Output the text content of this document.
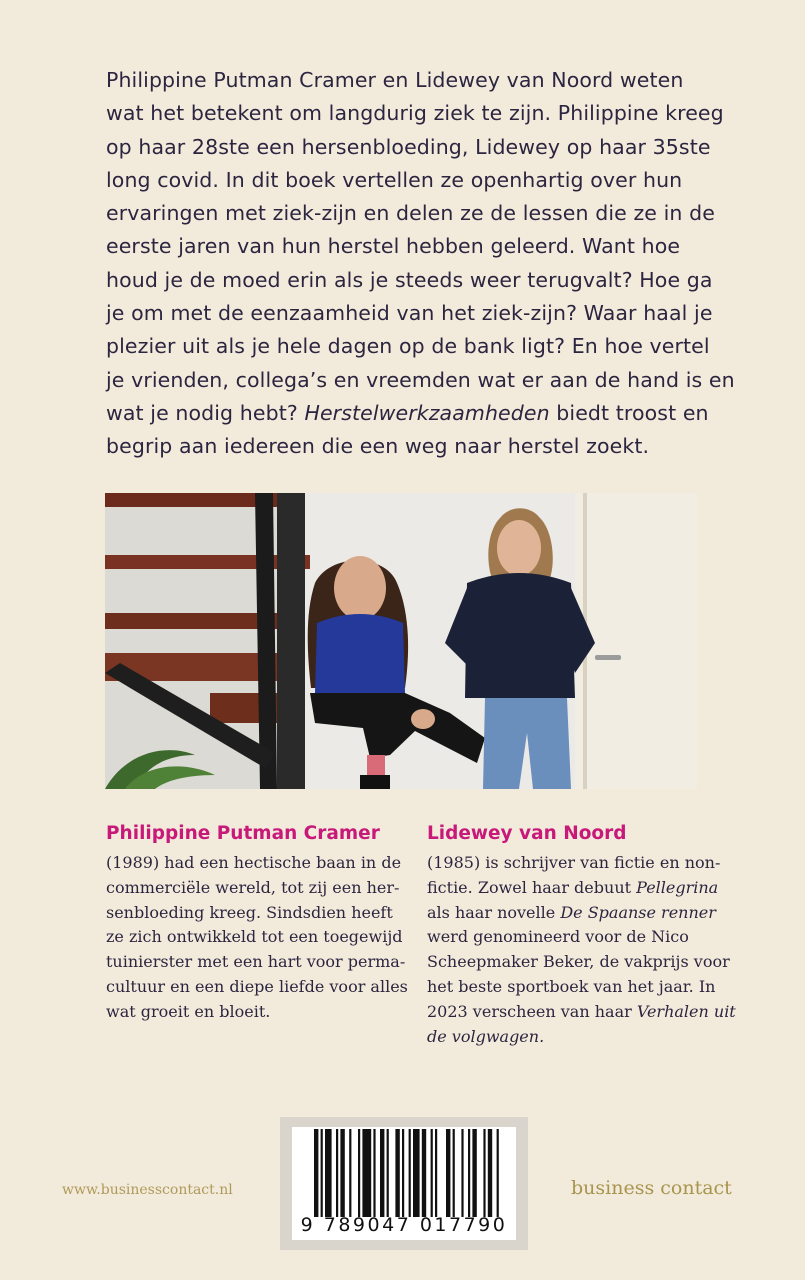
Philippine Putman Cramer en Lidewey van Noord weten
wat het betekent om langdurig ziek te zijn. Philippine kreeg
op haar 28ste een hersenbloeding, Lidewey op haar 35ste
long covid. In dit boek vertellen ze openhartig over hun
ervaringen met ziek-zijn en delen ze de lessen die ze in de
eerste jaren van hun herstel hebben geleerd. Want hoe
houd je de moed erin als je steeds weer terugvalt? Hoe ga
je om met de eenzaamheid van het ziek-zijn? Waar haal je
plezier uit als je hele dagen op de bank ligt? En hoe vertel
je vrienden, collega’s en vreemden wat er aan de hand is en
wat je nodig hebt? Herstelwerkzaamheden biedt troost en
begrip aan iedereen die een weg naar herstel zoekt.
Philippine Putman Cramer
(1989) had een hectische baan in de
commerciële wereld, tot zij een her-
senbloeding kreeg. Sindsdien heeft
ze zich ontwikkeld tot een toegewijd
tuinierster met een hart voor perma-
cultuur en een diepe liefde voor alles
wat groeit en bloeit.
Lidewey van Noord
(1985) is schrijver van fictie en non-
fictie. Zowel haar debuut Pellegrina
als haar novelle De Spaanse renner
werd genomineerd voor de Nico
Scheepmaker Beker, de vakprijs voor
het beste sportboek van het jaar. In
2023 verscheen van haar Verhalen uit
de volgwagen.
www.businesscontact.nl
9 789047 017790
business contact
